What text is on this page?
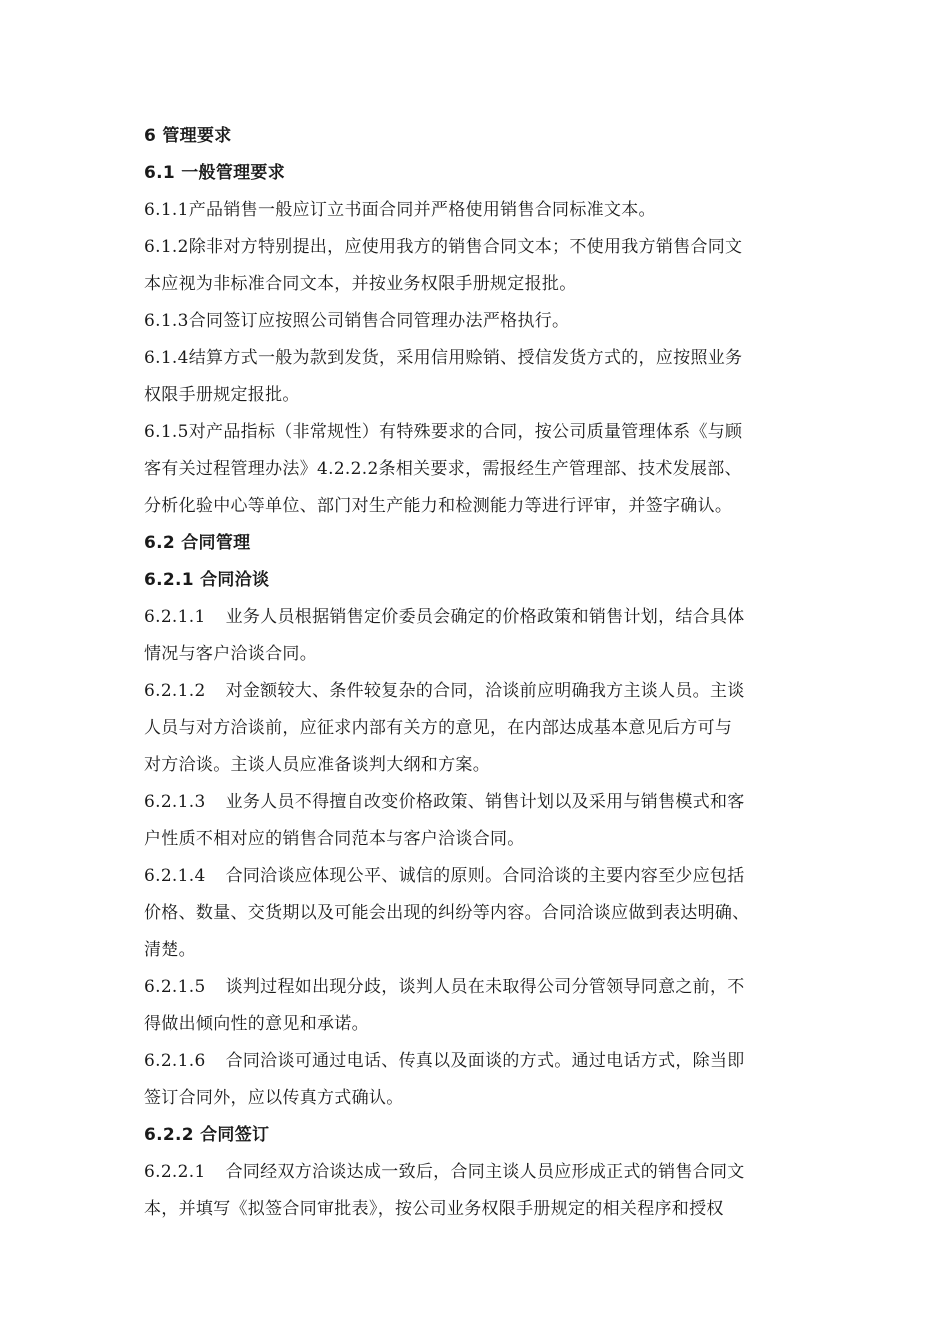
6 管理要求
6.1 一般管理要求
6.1.1产品销售一般应订立书面合同并严格使用销售合同标准文本。
6.1.2除非对方特别提出，应使用我方的销售合同文本；不使用我方销售合同文
本应视为非标准合同文本，并按业务权限手册规定报批。
6.1.3合同签订应按照公司销售合同管理办法严格执行。
6.1.4结算方式一般为款到发货，采用信用赊销、授信发货方式的，应按照业务
权限手册规定报批。
6.1.5对产品指标（非常规性）有特殊要求的合同，按公司质量管理体系《与顾
客有关过程管理办法》4.2.2.2条相关要求，需报经生产管理部、技术发展部、
分析化验中心等单位、部门对生产能力和检测能力等进行评审，并签字确认。
6.2 合同管理
6.2.1 合同洽谈
6.2.1.1 业务人员根据销售定价委员会确定的价格政策和销售计划，结合具体
情况与客户洽谈合同。
6.2.1.2 对金额较大、条件较复杂的合同，洽谈前应明确我方主谈人员。主谈
人员与对方洽谈前，应征求内部有关方的意见，在内部达成基本意见后方可与
对方洽谈。主谈人员应准备谈判大纲和方案。
6.2.1.3 业务人员不得擅自改变价格政策、销售计划以及采用与销售模式和客
户性质不相对应的销售合同范本与客户洽谈合同。
6.2.1.4 合同洽谈应体现公平、诚信的原则。合同洽谈的主要内容至少应包括
价格、数量、交货期以及可能会出现的纠纷等内容。合同洽谈应做到表达明确、
清楚。
6.2.1.5 谈判过程如出现分歧，谈判人员在未取得公司分管领导同意之前，不
得做出倾向性的意见和承诺。
6.2.1.6 合同洽谈可通过电话、传真以及面谈的方式。通过电话方式，除当即
签订合同外，应以传真方式确认。
6.2.2 合同签订
6.2.2.1 合同经双方洽谈达成一致后，合同主谈人员应形成正式的销售合同文
本，并填写《拟签合同审批表》，按公司业务权限手册规定的相关程序和授权
